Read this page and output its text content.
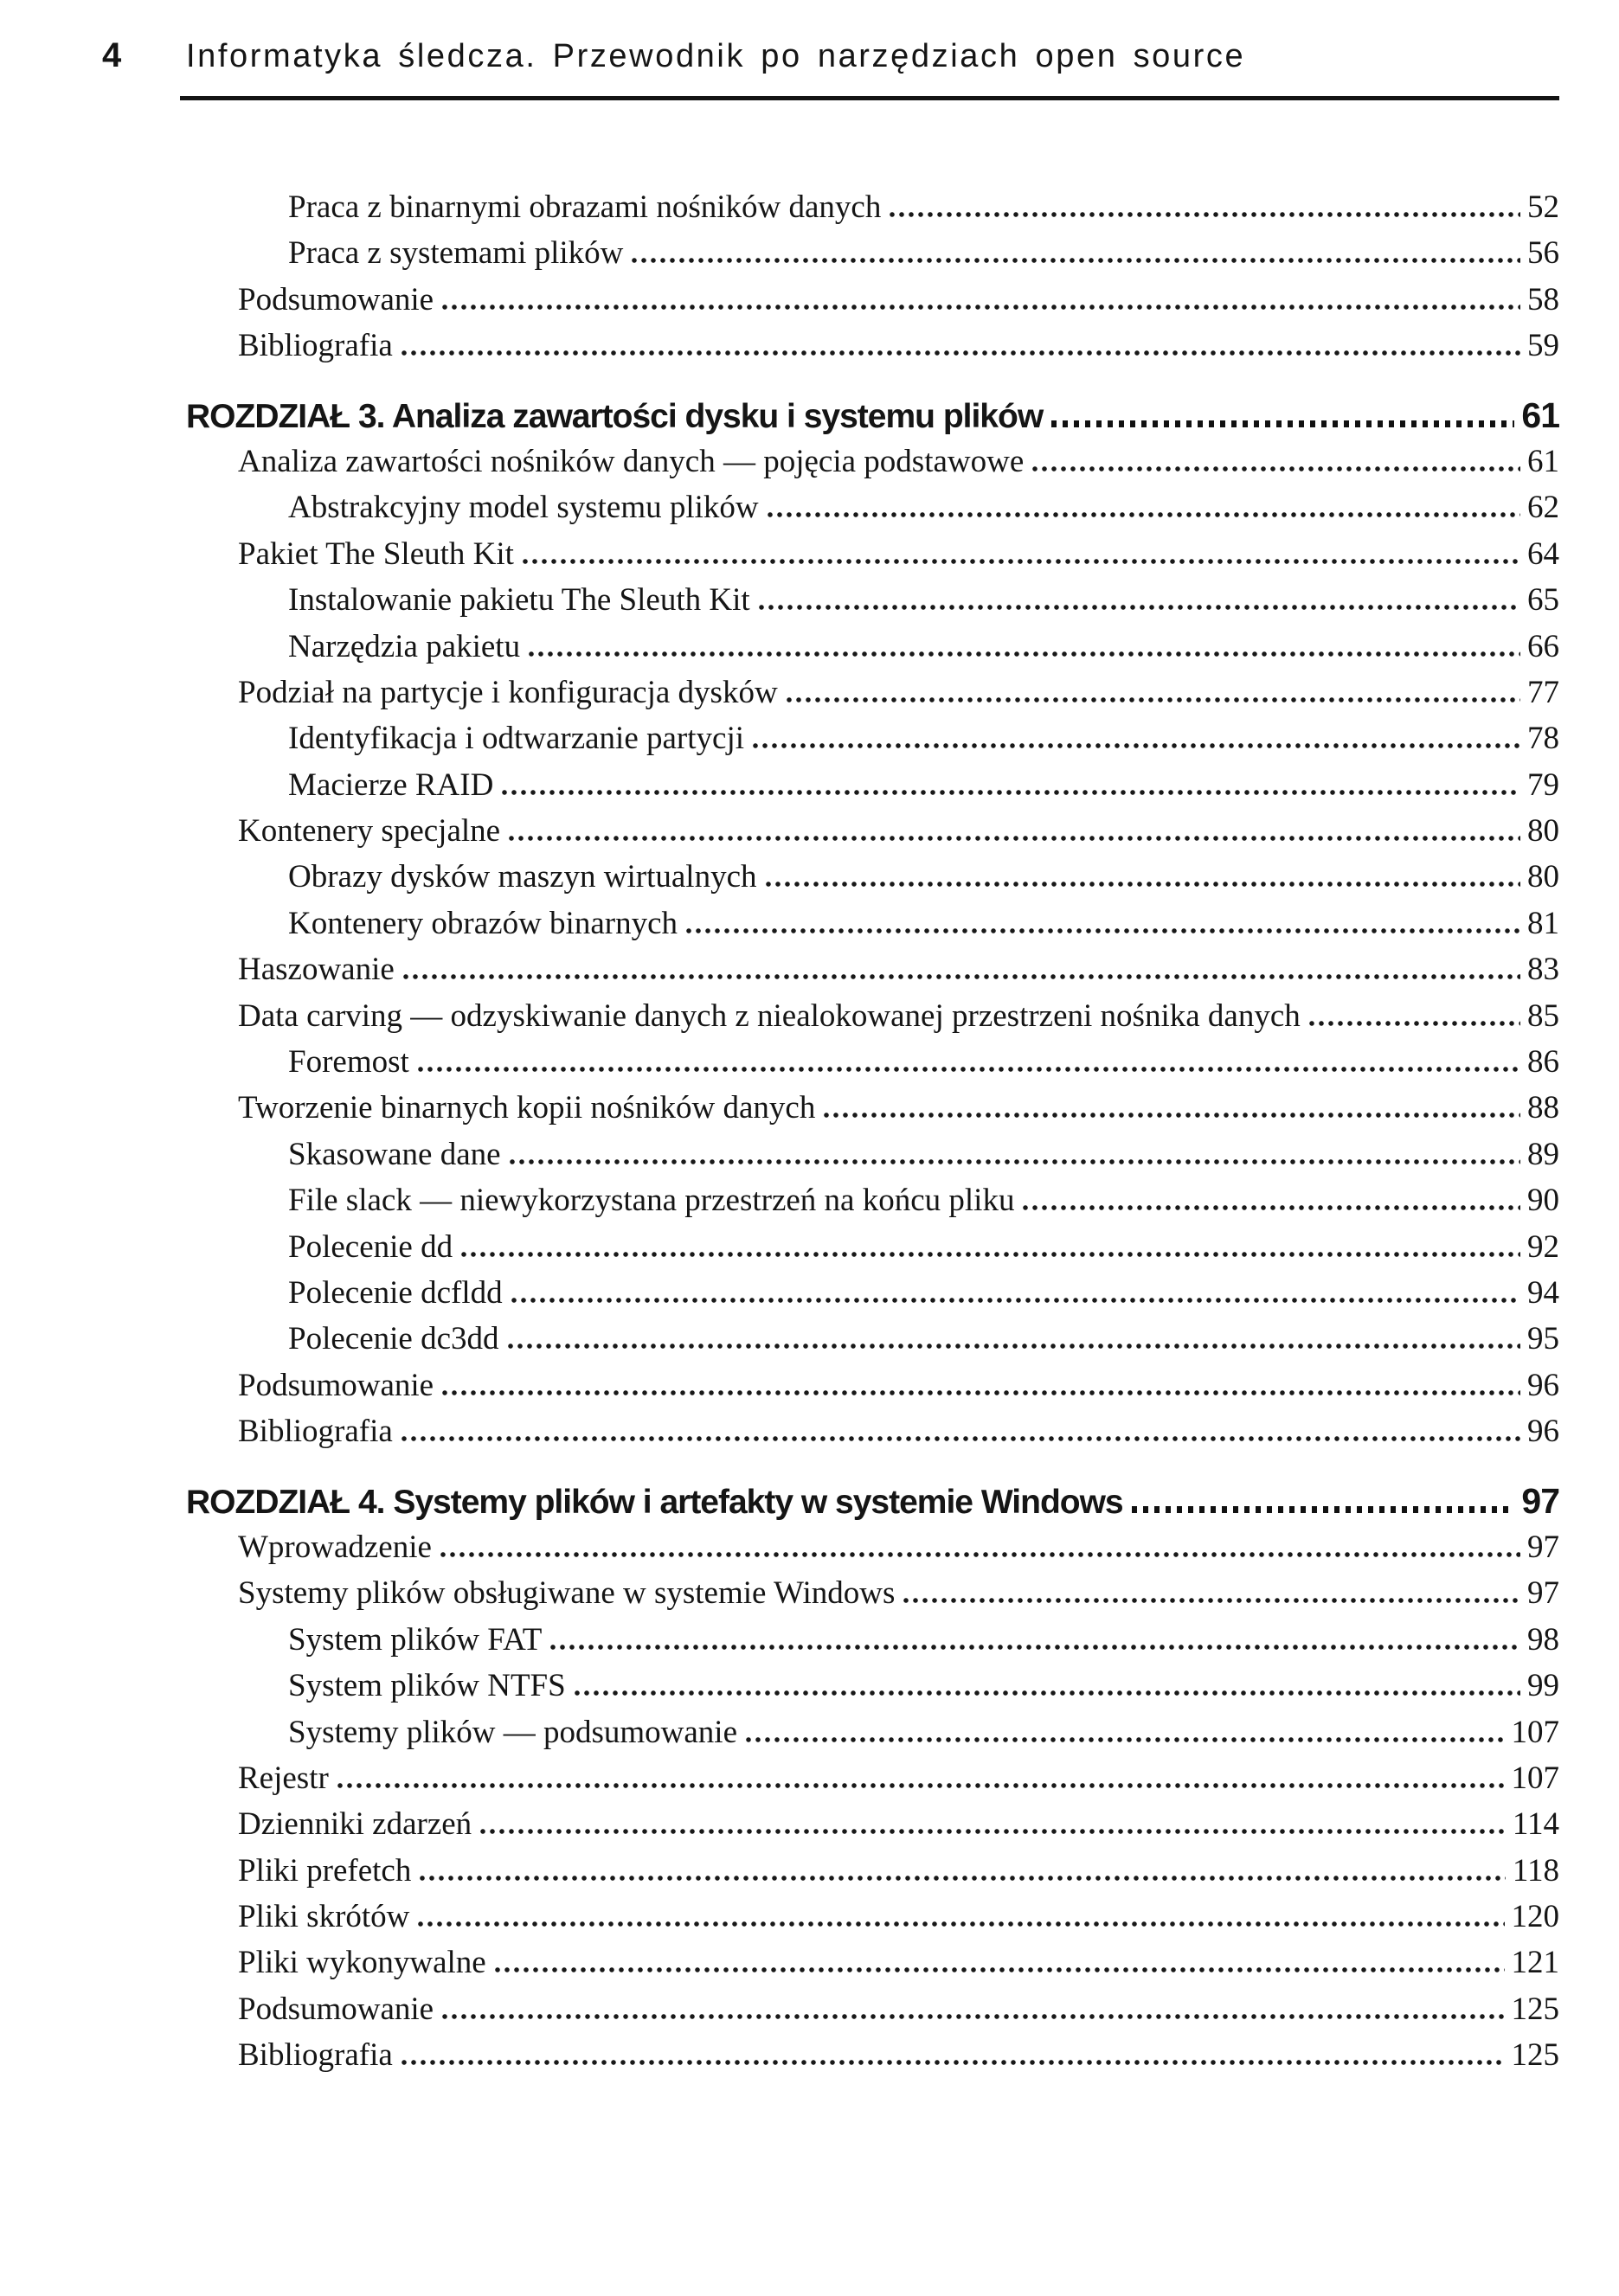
4 Informatyka śledcza. Przewodnik po narzędziach open source
Praca z binarnymi obrazami nośników danych	52
Praca z systemami plików	56
Podsumowanie	58
Bibliografia	59
ROZDZIAŁ 3. Analiza zawartości dysku i systemu plików	61
Analiza zawartości nośników danych — pojęcia podstawowe	61
Abstrakcyjny model systemu plików	62
Pakiet The Sleuth Kit	64
Instalowanie pakietu The Sleuth Kit	65
Narzędzia pakietu	66
Podział na partycje i konfiguracja dysków	77
Identyfikacja i odtwarzanie partycji	78
Macierze RAID	79
Kontenery specjalne	80
Obrazy dysków maszyn wirtualnych	80
Kontenery obrazów binarnych	81
Haszowanie	83
Data carving — odzyskiwanie danych z niealokowanej przestrzeni nośnika danych	85
Foremost	86
Tworzenie binarnych kopii nośników danych	88
Skasowane dane	89
File slack — niewykorzystana przestrzeń na końcu pliku	90
Polecenie dd	92
Polecenie dcfldd	94
Polecenie dc3dd	95
Podsumowanie	96
Bibliografia	96
ROZDZIAŁ 4. Systemy plików i artefakty w systemie Windows	97
Wprowadzenie	97
Systemy plików obsługiwane w systemie Windows	97
System plików FAT	98
System plików NTFS	99
Systemy plików — podsumowanie	107
Rejestr	107
Dzienniki zdarzeń	114
Pliki prefetch	118
Pliki skrótów	120
Pliki wykonywalne	121
Podsumowanie	125
Bibliografia	125
